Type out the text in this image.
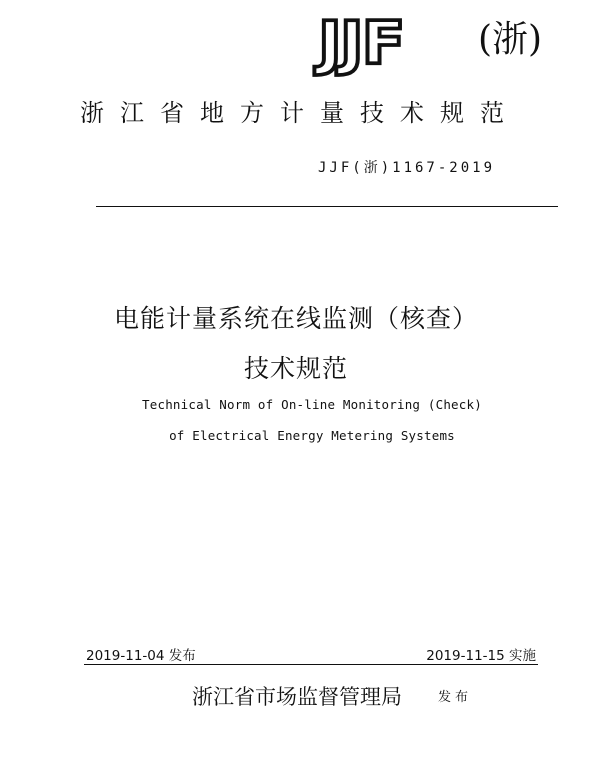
JJF (浙)
浙江省地方计量技术规范
JJF(浙)1167-2019
电能计量系统在线监测（核查）
技术规范
Technical Norm of On-line Monitoring (Check)
of Electrical Energy Metering Systems
2019-11-04 发布	2019-11-15 实施
浙江省市场监督管理局	发布
